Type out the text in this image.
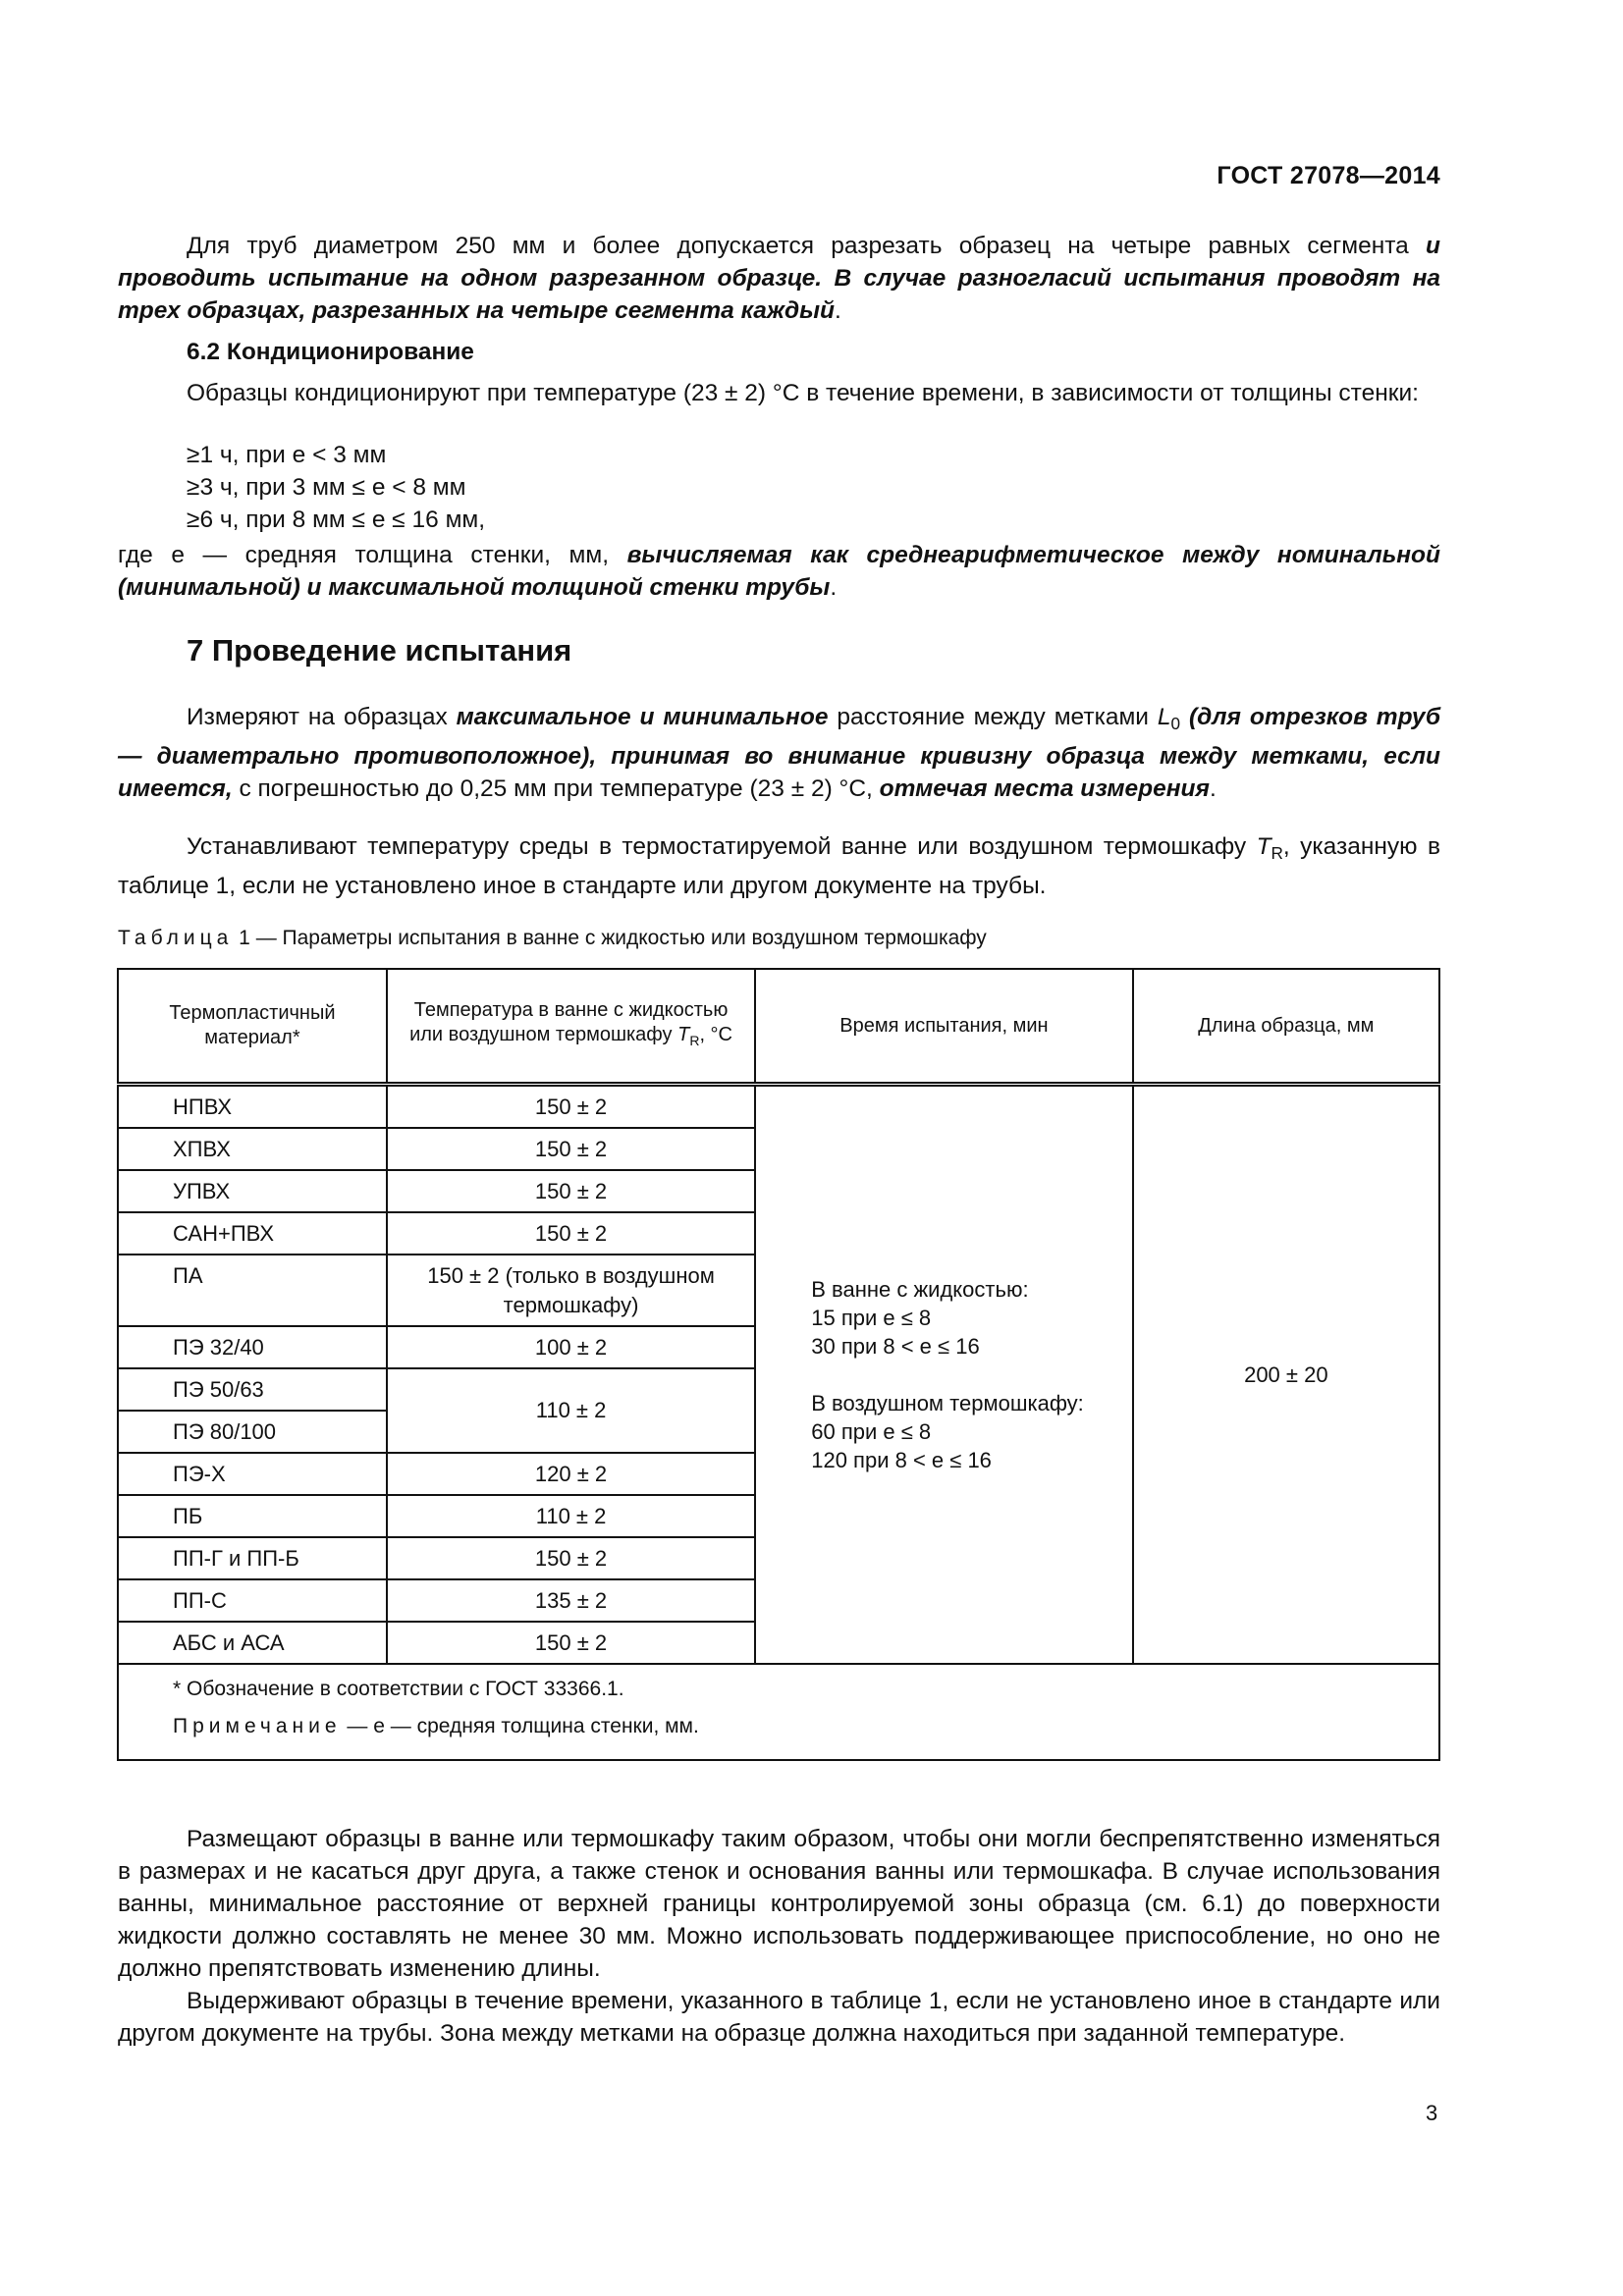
ГОСТ 27078—2014
Для труб диаметром 250 мм и более допускается разрезать образец на четыре равных сегмента и проводить испытание на одном разрезанном образце. В случае разногласий испытания проводят на трех образцах, разрезанных на четыре сегмента каждый.
6.2 Кондиционирование
Образцы кондиционируют при температуре (23 ± 2) °С в течение времени, в зависимости от толщины стенки:
≥1 ч, при e < 3 мм
≥3 ч, при 3 мм ≤ e < 8 мм
≥6 ч, при 8 мм ≤ e ≤ 16 мм,
где e — средняя толщина стенки, мм, вычисляемая как среднеарифметическое между номинальной (минимальной) и максимальной толщиной стенки трубы.
7 Проведение испытания
Измеряют на образцах максимальное и минимальное расстояние между метками $L_0$ (для отрезков труб — диаметрально противоположное), принимая во внимание кривизну образца между метками, если имеется, с погрешностью до 0,25 мм при температуре (23 ± 2) °С, отмечая места измерения.
Устанавливают температуру среды в термостатируемой ванне или воздушном термошкафу $T_R$, указанную в таблице 1, если не установлено иное в стандарте или другом документе на трубы.
Таблица 1 — Параметры испытания в ванне с жидкостью или воздушном термошкафу
Термопластичный материал*	Температура в ванне с жидкостью или воздушном термошкафу $T_R$, °С	Время испытания, мин	Длина образца, мм
НПВХ	150 ± 2	
В ванне с жидкостью:
15 при e ≤ 8
30 при 8 < e ≤ 16
В воздушном термошкафу:
60 при e ≤ 8
120 при 8 < e ≤ 16
	200 ± 20
ХПВХ	150 ± 2		
УПВХ	150 ± 2		
САН+ПВХ	150 ± 2		
ПА	150 ± 2 (только в воздушном термошкафу)		
ПЭ 32/40	100 ± 2		
ПЭ 50/63	110 ± 2		
ПЭ 80/100			
ПЭ-Х	120 ± 2		
ПБ	110 ± 2		
ПП-Г и ПП-Б	150 ± 2		
ПП-С	135 ± 2		
АБС и АСА	150 ± 2		

* Обозначение в соответствии с ГОСТ 33366.1.
Примечание — e — средняя толщина стенки, мм.			
Размещают образцы в ванне или термошкафу таким образом, чтобы они могли беспрепятственно изменяться в размерах и не касаться друг друга, а также стенок и основания ванны или термошкафа. В случае использования ванны, минимальное расстояние от верхней границы контролируемой зоны образца (см. 6.1) до поверхности жидкости должно составлять не менее 30 мм. Можно использовать поддерживающее приспособление, но оно не должно препятствовать изменению длины.
Выдерживают образцы в течение времени, указанного в таблице 1, если не установлено иное в стандарте или другом документе на трубы. Зона между метками на образце должна находиться при заданной температуре.
3
